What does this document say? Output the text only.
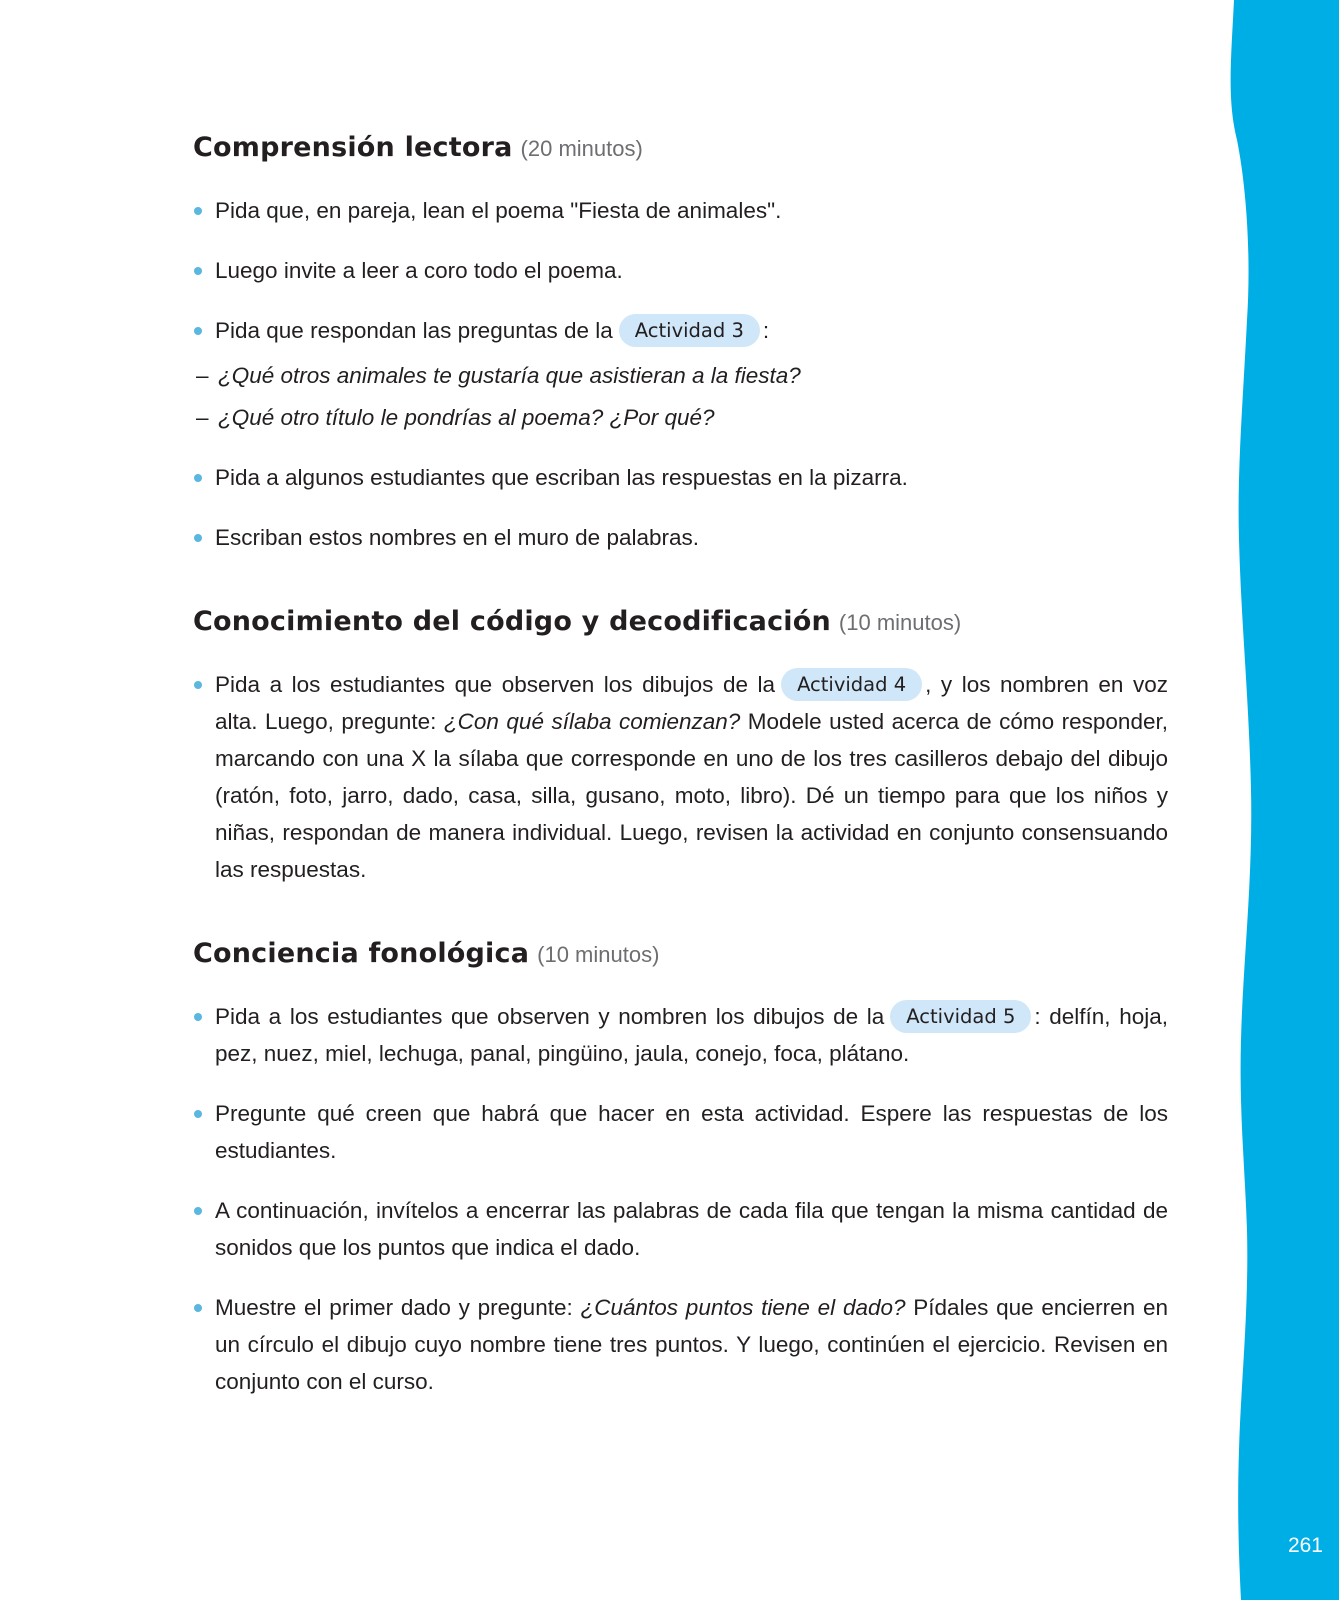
261
Comprensión lectora (20 minutos)
Pida que, en pareja, lean el poema "Fiesta de animales".
Luego invite a leer a coro todo el poema.
Pida que respondan las preguntas de la Actividad 3 :
– ¿Qué otros animales te gustaría que asistieran a la fiesta?
– ¿Qué otro título le pondrías al poema? ¿Por qué?
Pida a algunos estudiantes que escriban las respuestas en la pizarra.
Escriban estos nombres en el muro de palabras.
Conocimiento del código y decodificación (10 minutos)
Pida a los estudiantes que observen los dibujos de la Actividad 4 , y los nombren en voz alta. Luego, pregunte: ¿Con qué sílaba comienzan? Modele usted acerca de cómo responder, marcando con una X la sílaba que corresponde en uno de los tres casilleros debajo del dibujo (ratón, foto, jarro, dado, casa, silla, gusano, moto, libro). Dé un tiempo para que los niños y niñas, respondan de manera individual. Luego, revisen la actividad en conjunto consensuando las respuestas.
Conciencia fonológica (10 minutos)
Pida a los estudiantes que observen y nombren los dibujos de la Actividad 5 : delfín, hoja, pez, nuez, miel, lechuga, panal, pingüino, jaula, conejo, foca, plátano.
Pregunte qué creen que habrá que hacer en esta actividad. Espere las respuestas de los estudiantes.
A continuación, invítelos a encerrar las palabras de cada fila que tengan la misma cantidad de sonidos que los puntos que indica el dado.
Muestre el primer dado y pregunte: ¿Cuántos puntos tiene el dado? Pídales que encierren en un círculo el dibujo cuyo nombre tiene tres puntos. Y luego, continúen el ejercicio. Revisen en conjunto con el curso.
